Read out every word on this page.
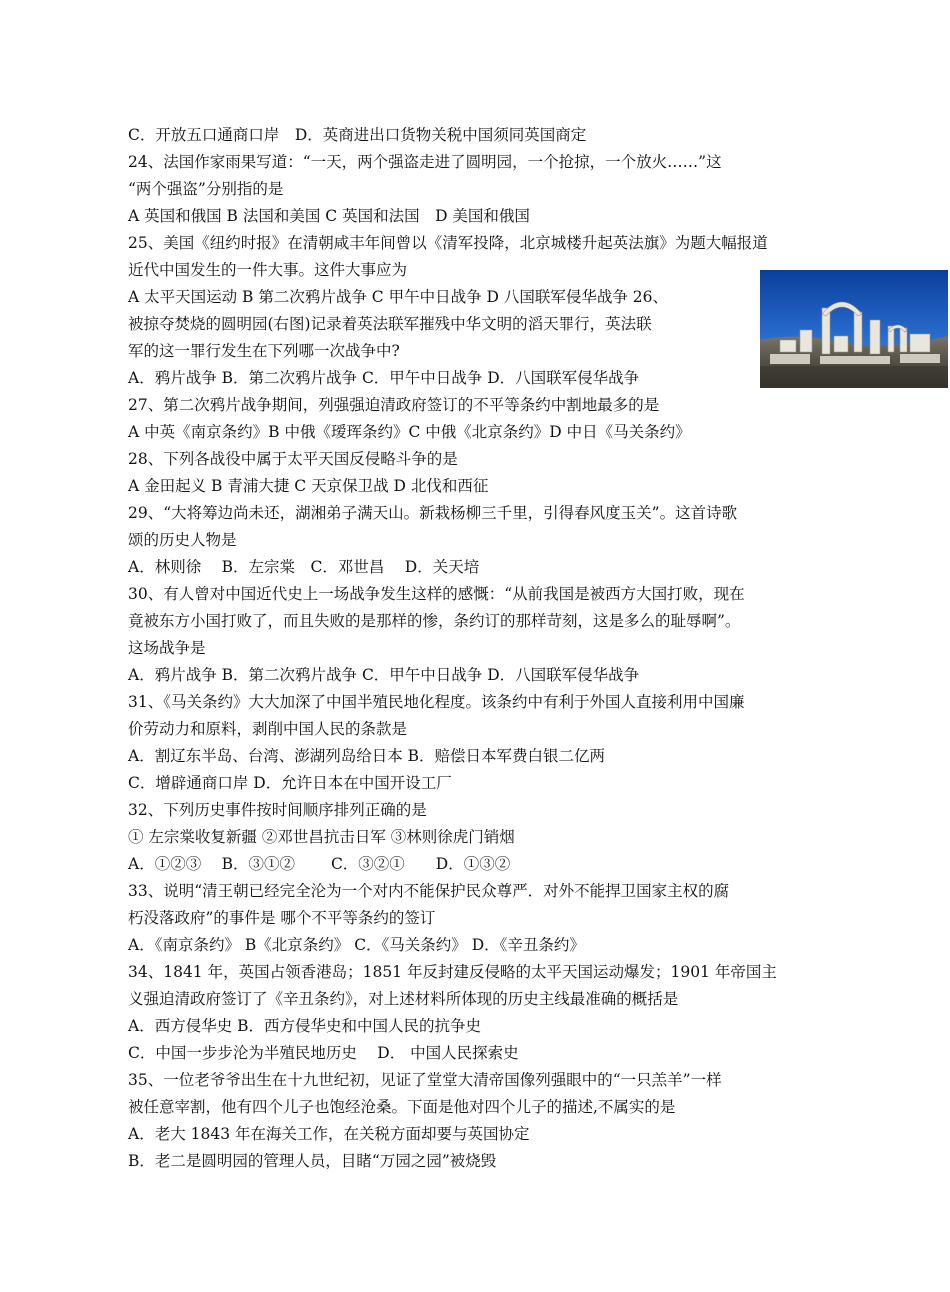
C．开放五口通商口岸　D．英商进出口货物关税中国须同英国商定
24、法国作家雨果写道：“一天，两个强盗走进了圆明园，一个抢掠，一个放火……”这
“两个强盗”分别指的是
A 英国和俄国 B 法国和美国 C 英国和法国　D 美国和俄国
25、美国《纽约时报》在清朝咸丰年间曾以《清军投降，北京城楼升起英法旗》为题大幅报道
近代中国发生的一件大事。这件大事应为
A 太平天国运动 B 第二次鸦片战争 C 甲午中日战争 D 八国联军侵华战争 26、
被掠夺焚烧的圆明园(右图)记录着英法联军摧残中华文明的滔天罪行，英法联
军的这一罪行发生在下列哪一次战争中?
A．鸦片战争 B．第二次鸦片战争 C．甲午中日战争 D．八国联军侵华战争
27、第二次鸦片战争期间，列强强迫清政府签订的不平等条约中割地最多的是
A 中英《南京条约》B 中俄《瑷珲条约》C 中俄《北京条约》D 中日《马关条约》
28、下列各战役中属于太平天国反侵略斗争的是
A 金田起义 B 青浦大捷 C 天京保卫战 D 北伐和西征
29、“大将筹边尚未还，湖湘弟子满天山。新栽杨柳三千里，引得春风度玉关”。这首诗歌
颂的历史人物是
A．林则徐　 B．左宗棠　C．邓世昌　 D．关天培
30、有人曾对中国近代史上一场战争发生这样的感慨：“从前我国是被西方大国打败，现在
竟被东方小国打败了，而且失败的是那样的惨，条约订的那样苛刻，这是多么的耻辱啊”。
这场战争是
A．鸦片战争 B．第二次鸦片战争 C．甲午中日战争 D．八国联军侵华战争
31、《马关条约》大大加深了中国半殖民地化程度。该条约中有利于外国人直接利用中国廉
价劳动力和原料，剥削中国人民的条款是
A．割辽东半岛、台湾、澎湖列岛给日本 B．赔偿日本军费白银二亿两
C．增辟通商口岸 D．允许日本在中国开设工厂
32、下列历史事件按时间顺序排列正确的是
① 左宗棠收复新疆 ②邓世昌抗击日军 ③林则徐虎门销烟
A．①②③　 B．③①②　　 C．③②①　　D．①③②
33、说明“清王朝已经完全沦为一个对内不能保护民众尊严．对外不能捍卫国家主权的腐
朽没落政府”的事件是 哪个不平等条约的签订
A．《南京条约》 B《北京条约》 C．《马关条约》 D．《辛丑条约》
34、1841 年，英国占领香港岛；1851 年反封建反侵略的太平天国运动爆发；1901 年帝国主
义强迫清政府签订了《辛丑条约》，对上述材料所体现的历史主线最准确的概括是
A．西方侵华史 B．西方侵华史和中国人民的抗争史
C．中国一步步沦为半殖民地历史　 D． 中国人民探索史
35、一位老爷爷出生在十九世纪初，见证了堂堂大清帝国像列强眼中的“一只羔羊”一样
被任意宰割，他有四个儿子也饱经沧桑。下面是他对四个儿子的描述,不属实的是
A．老大 1843 年在海关工作，在关税方面却要与英国协定
B．老二是圆明园的管理人员，目睹“万园之园”被烧毁
